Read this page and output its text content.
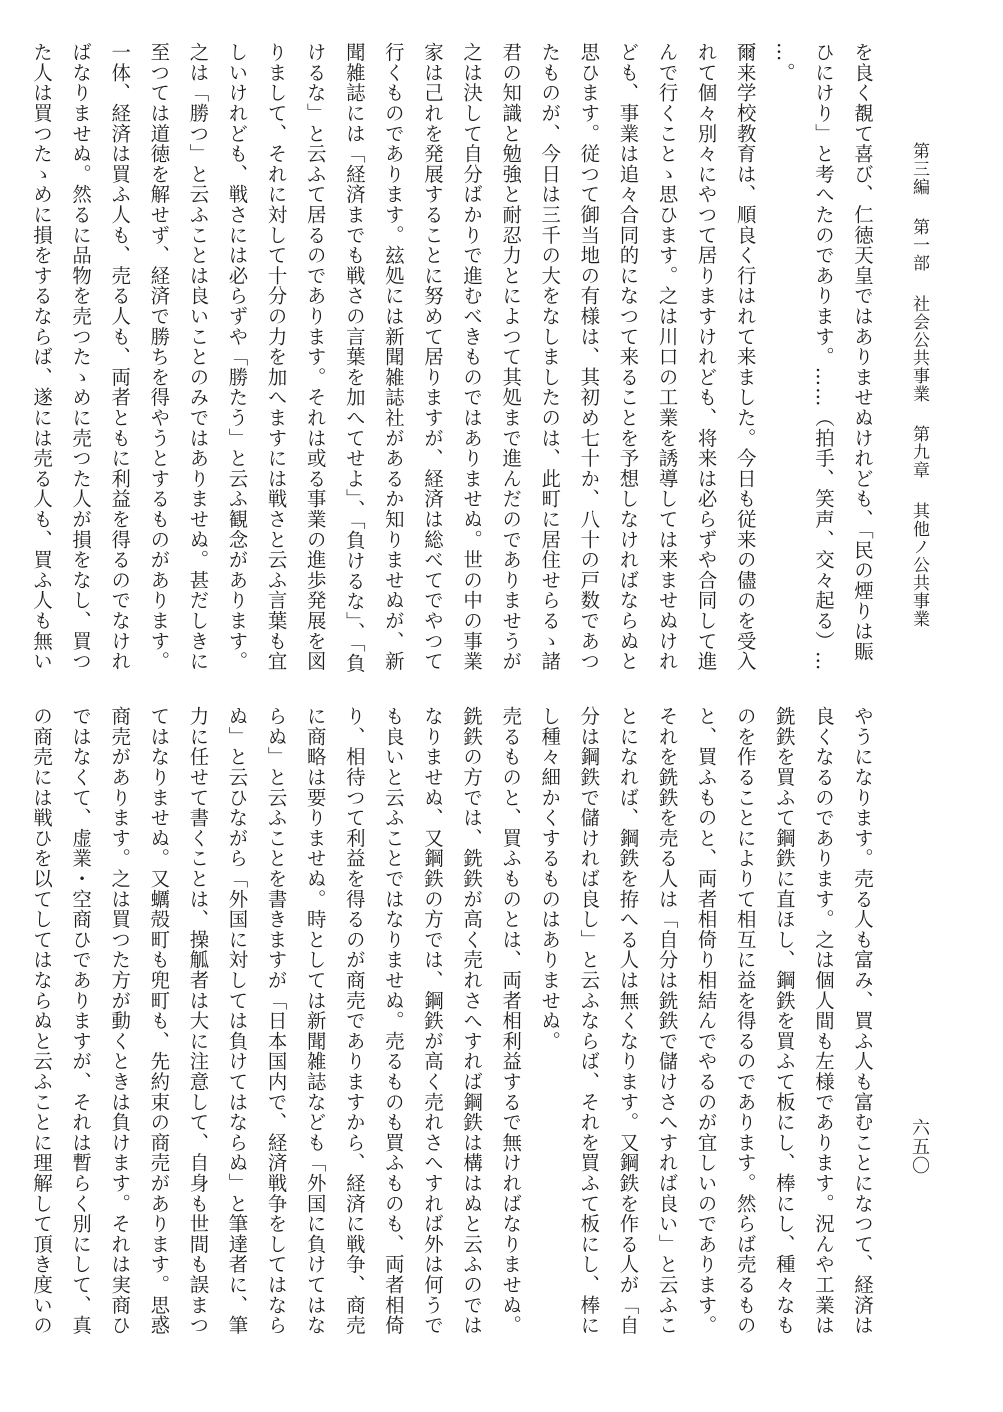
第三編 第一部 社会公共事業 第九章 其他ノ公共事業
六五〇
を良く覩て喜び、仁徳天皇ではありませぬけれども、「民の煙りは賑
ひにけり」と考へたのであります。……（拍手、笑声、交々起る）…
…。
爾来学校教育は、順良く行はれて来ました。今日も従来の儘のを受入
れて個々別々にやつて居りますけれども、将来は必らずや合同して進
んで行くことゝ思ひます。之は川口の工業を誘導しては来ませぬけれ
ども、事業は追々合同的になつて来ることを予想しなければならぬと
思ひます。従つて御当地の有様は、其初め七十か、八十の戸数であつ
たものが、今日は三千の大をなしましたのは、此町に居住せらるゝ諸
君の知識と勉強と耐忍力とによつて其処まで進んだのでありませうが
之は決して自分ばかりで進むべきものではありませぬ。世の中の事業
家は己れを発展することに努めて居りますが、経済は総べてでやつて
行くものであります。玆処には新聞雑誌社があるか知りませぬが、新
聞雑誌には「経済までも戦さの言葉を加へてせよ」、「負けるな」、「負
けるな」と云ふて居るのであります。それは或る事業の進歩発展を図
りまして、それに対して十分の力を加へますには戦さと云ふ言葉も宜
しいけれども、戦さには必らずや「勝たう」と云ふ観念があります。
之は「勝つ」と云ふことは良いことのみではありませぬ。甚だしきに
至つては道徳を解せず、経済で勝ちを得やうとするものがあります。
一体、経済は買ふ人も、売る人も、両者ともに利益を得るのでなけれ
ばなりませぬ。然るに品物を売つたゝめに売つた人が損をなし、買つ
た人は買つたゝめに損をするならば、遂には売る人も、買ふ人も無い
やうになります。売る人も富み、買ふ人も富むことになつて、経済は
良くなるのであります。之は個人間も左様であります。況んや工業は
銑鉄を買ふて鋼鉄に直ほし、鋼鉄を買ふて板にし、棒にし、種々なも
のを作ることによりて相互に益を得るのであります。然らば売るもの
と、買ふものと、両者相倚り相結んでやるのが宜しいのであります。
それを銑鉄を売る人は「自分は銑鉄で儲けさへすれば良い」と云ふこ
とになれば、鋼鉄を拵へる人は無くなります。又鋼鉄を作る人が「自
分は鋼鉄で儲ければ良し」と云ふならば、それを買ふて板にし、棒に
し種々細かくするものはありませぬ。
売るものと、買ふものとは、両者相利益するで無ければなりませぬ。
銑鉄の方では、銑鉄が高く売れさへすれば鋼鉄は構はぬと云ふのでは
なりませぬ、又鋼鉄の方では、鋼鉄が高く売れさへすれば外は何うで
も良いと云ふことではなりませぬ。売るものも買ふものも、両者相倚
り、相待つて利益を得るのが商売でありますから、経済に戦争、商売
に商略は要りませぬ。時としては新聞雑誌なども「外国に負けてはな
らぬ」と云ふことを書きますが「日本国内で、経済戦争をしてはなら
ぬ」と云ひながら「外国に対しては負けてはならぬ」と筆達者に、筆
力に任せて書くことは、操觚者は大に注意して、自身も世間も誤まつ
てはなりませぬ。又蠣殻町も兜町も、先約束の商売があります。思惑
商売があります。之は買つた方が動くときは負けます。それは実商ひ
ではなくて、虚業・空商ひでありますが、それは暫らく別にして、真
の商売には戦ひを以てしてはならぬと云ふことに理解して頂き度いの
